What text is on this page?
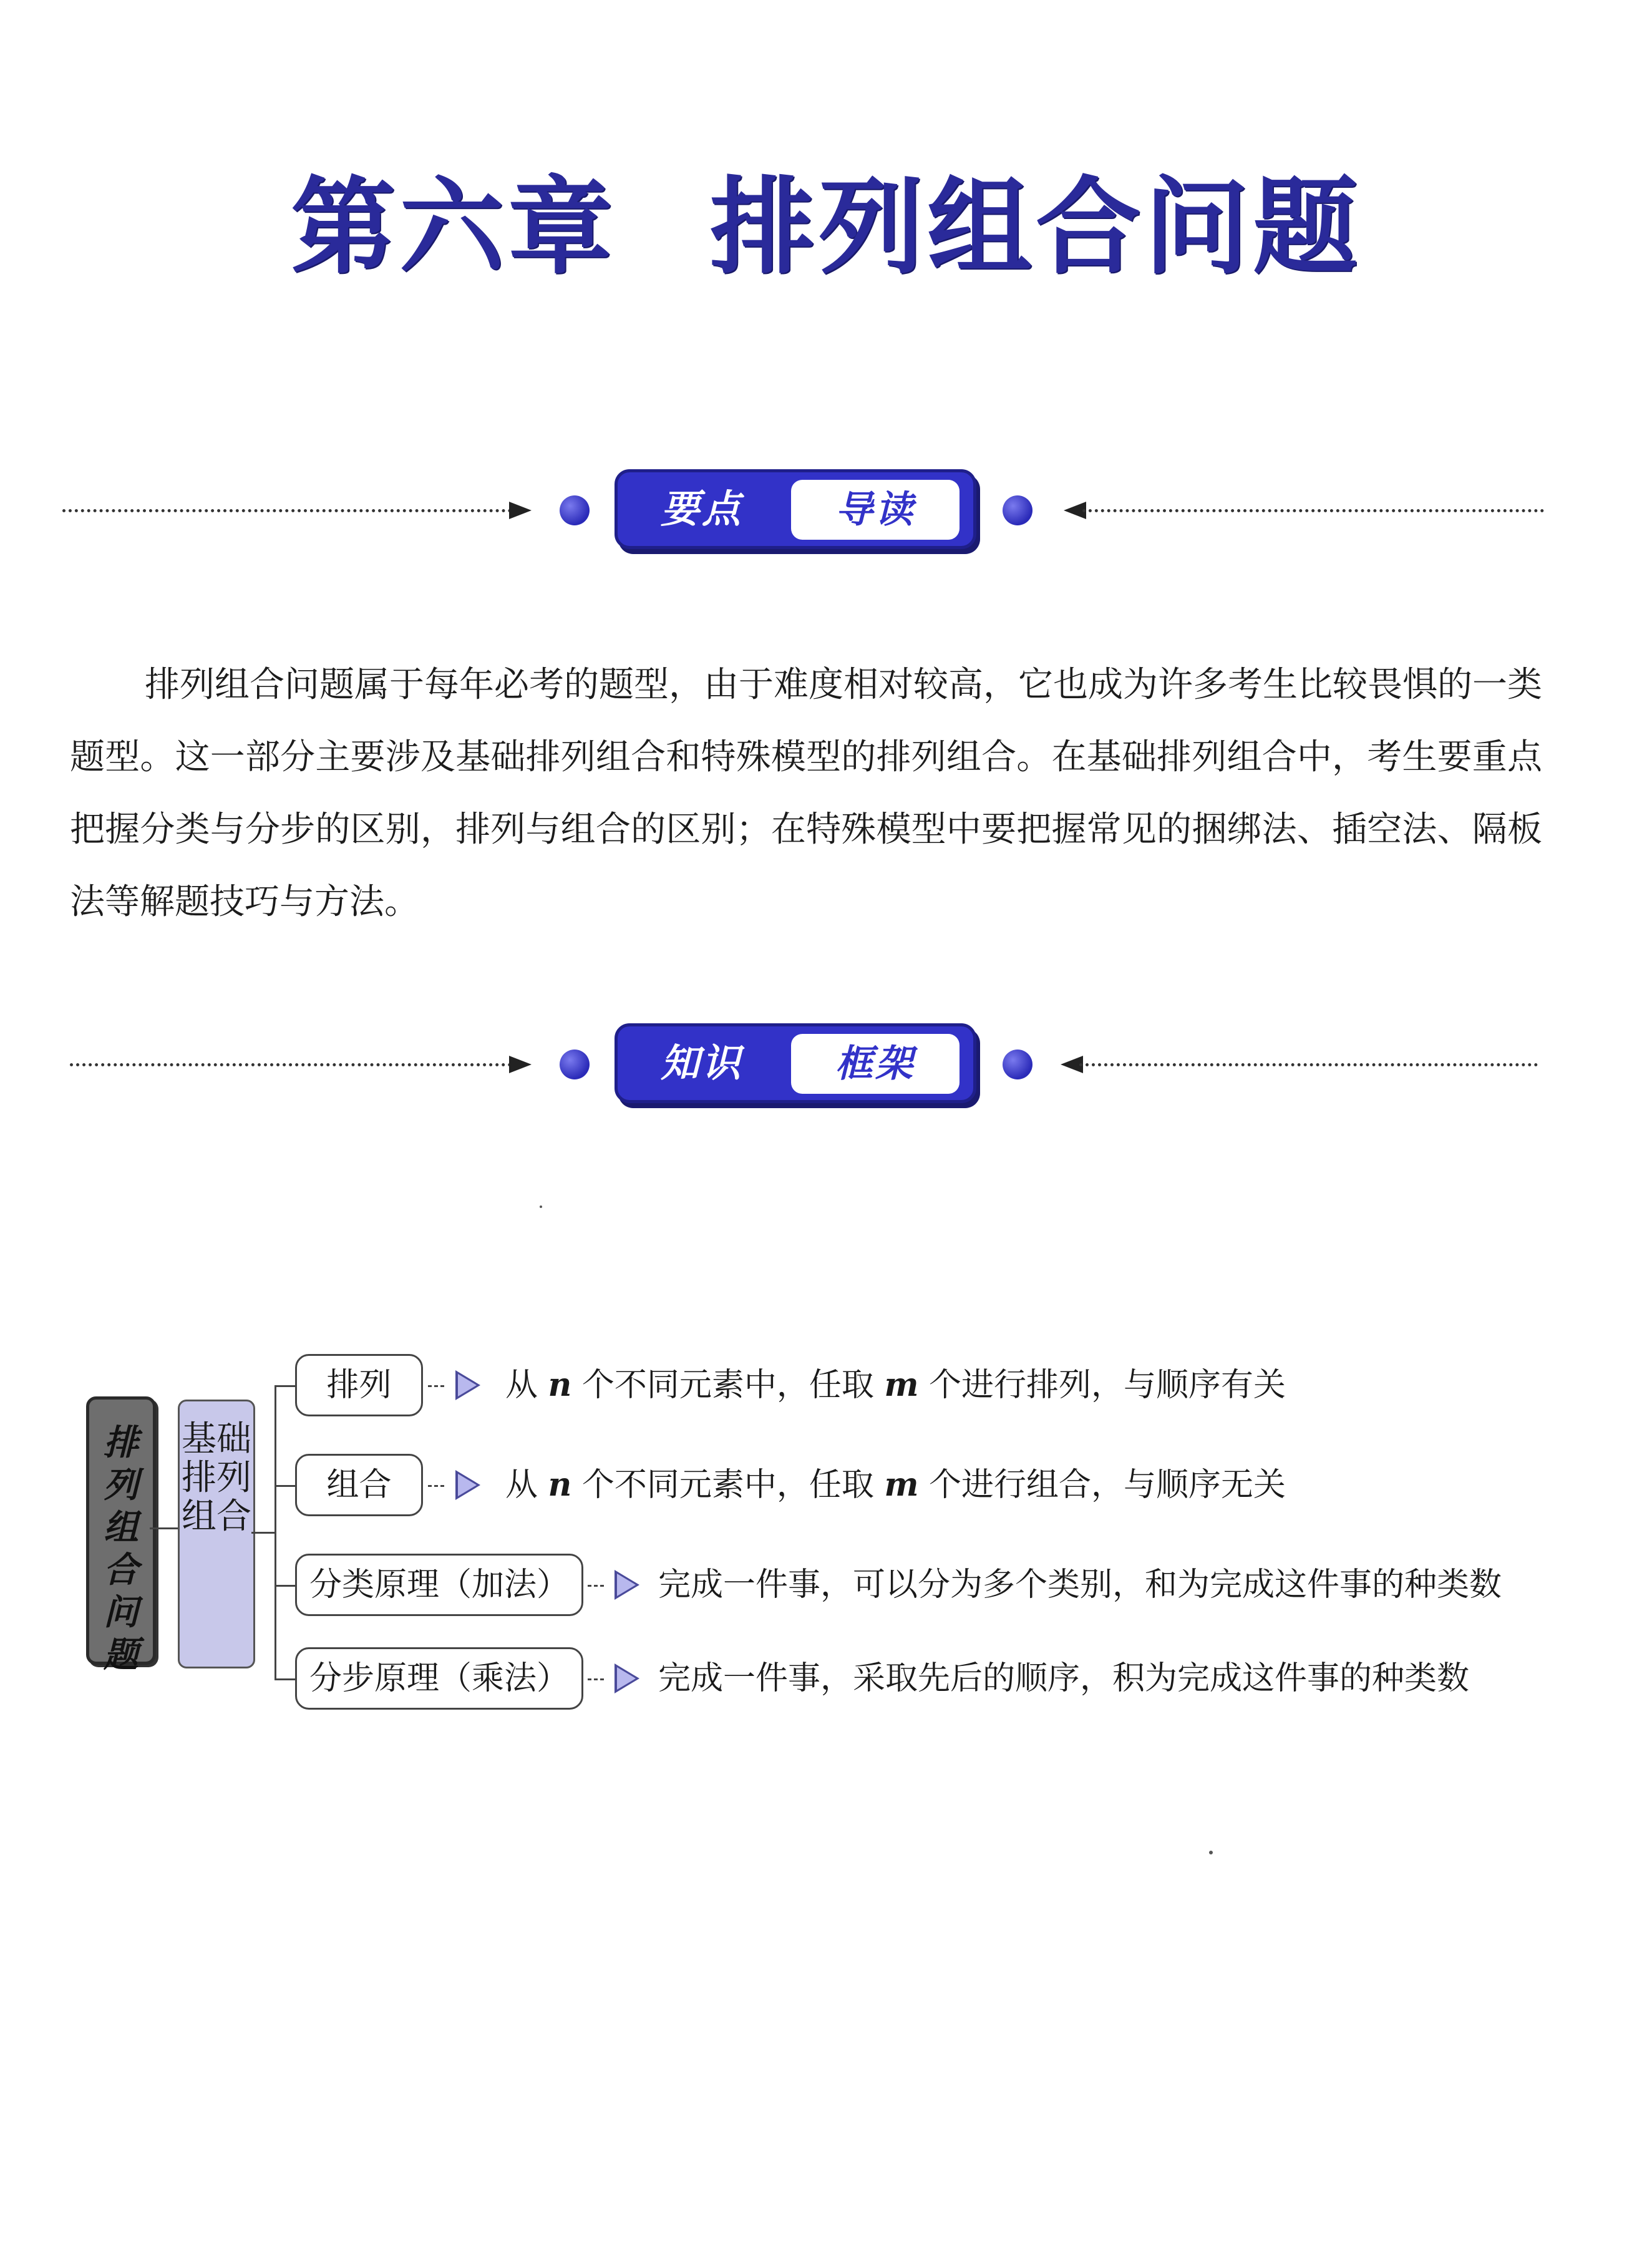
第六章 排列组合问题
要点	导读
排列组合问题属于每年必考的题型，由于难度相对较高，它也成为许多考生比较畏惧的一类题型。这一部分主要涉及基础排列组合和特殊模型的排列组合。在基础排列组合中，考生要重点把握分类与分步的区别，排列与组合的区别；在特殊模型中要把握常见的捆绑法、插空法、隔板法等解题技巧与方法。
知识	框架
排列组合问题
基础排列组合
排列	从 n 个不同元素中，任取 m 个进行排列，与顺序有关
组合	从 n 个不同元素中，任取 m 个进行组合，与顺序无关
分类原理（加法）	完成一件事，可以分为多个类别，和为完成这件事的种类数
分步原理（乘法）	完成一件事，采取先后的顺序，积为完成这件事的种类数
